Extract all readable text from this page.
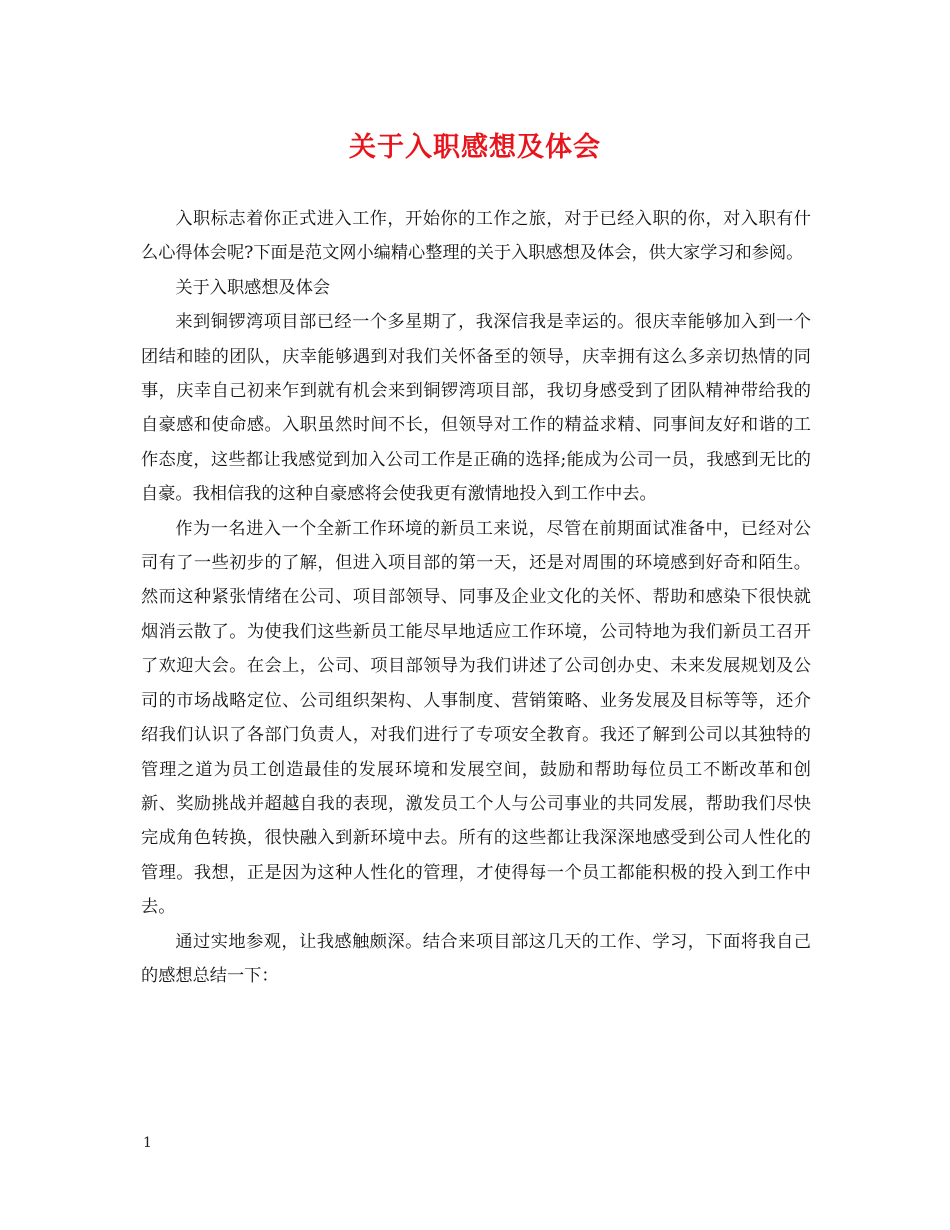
关于入职感想及体会

入职标志着你正式进入工作，开始你的工作之旅，对于已经入职的你，对入职有什么心得体会呢?下面是范文网小编精心整理的关于入职感想及体会，供大家学习和参阅。

关于入职感想及体会

来到铜锣湾项目部已经一个多星期了，我深信我是幸运的。很庆幸能够加入到一个团结和睦的团队，庆幸能够遇到对我们关怀备至的领导，庆幸拥有这么多亲切热情的同事，庆幸自己初来乍到就有机会来到铜锣湾项目部，我切身感受到了团队精神带给我的自豪感和使命感。入职虽然时间不长，但领导对工作的精益求精、同事间友好和谐的工作态度，这些都让我感觉到加入公司工作是正确的选择;能成为公司一员，我感到无比的自豪。我相信我的这种自豪感将会使我更有激情地投入到工作中去。

作为一名进入一个全新工作环境的新员工来说，尽管在前期面试准备中，已经对公司有了一些初步的了解，但进入项目部的第一天，还是对周围的环境感到好奇和陌生。然而这种紧张情绪在公司、项目部领导、同事及企业文化的关怀、帮助和感染下很快就烟消云散了。为使我们这些新员工能尽早地适应工作环境，公司特地为我们新员工召开了欢迎大会。在会上，公司、项目部领导为我们讲述了公司创办史、未来发展规划及公司的市场战略定位、公司组织架构、人事制度、营销策略、业务发展及目标等等，还介绍我们认识了各部门负责人，对我们进行了专项安全教育。我还了解到公司以其独特的管理之道为员工创造最佳的发展环境和发展空间，鼓励和帮助每位员工不断改革和创新、奖励挑战并超越自我的表现，激发员工个人与公司事业的共同发展，帮助我们尽快完成角色转换，很快融入到新环境中去。所有的这些都让我深深地感受到公司人性化的管理。我想，正是因为这种人性化的管理，才使得每一个员工都能积极的投入到工作中去。

通过实地参观，让我感触颇深。结合来项目部这几天的工作、学习，下面将我自己的感想总结一下：

1
